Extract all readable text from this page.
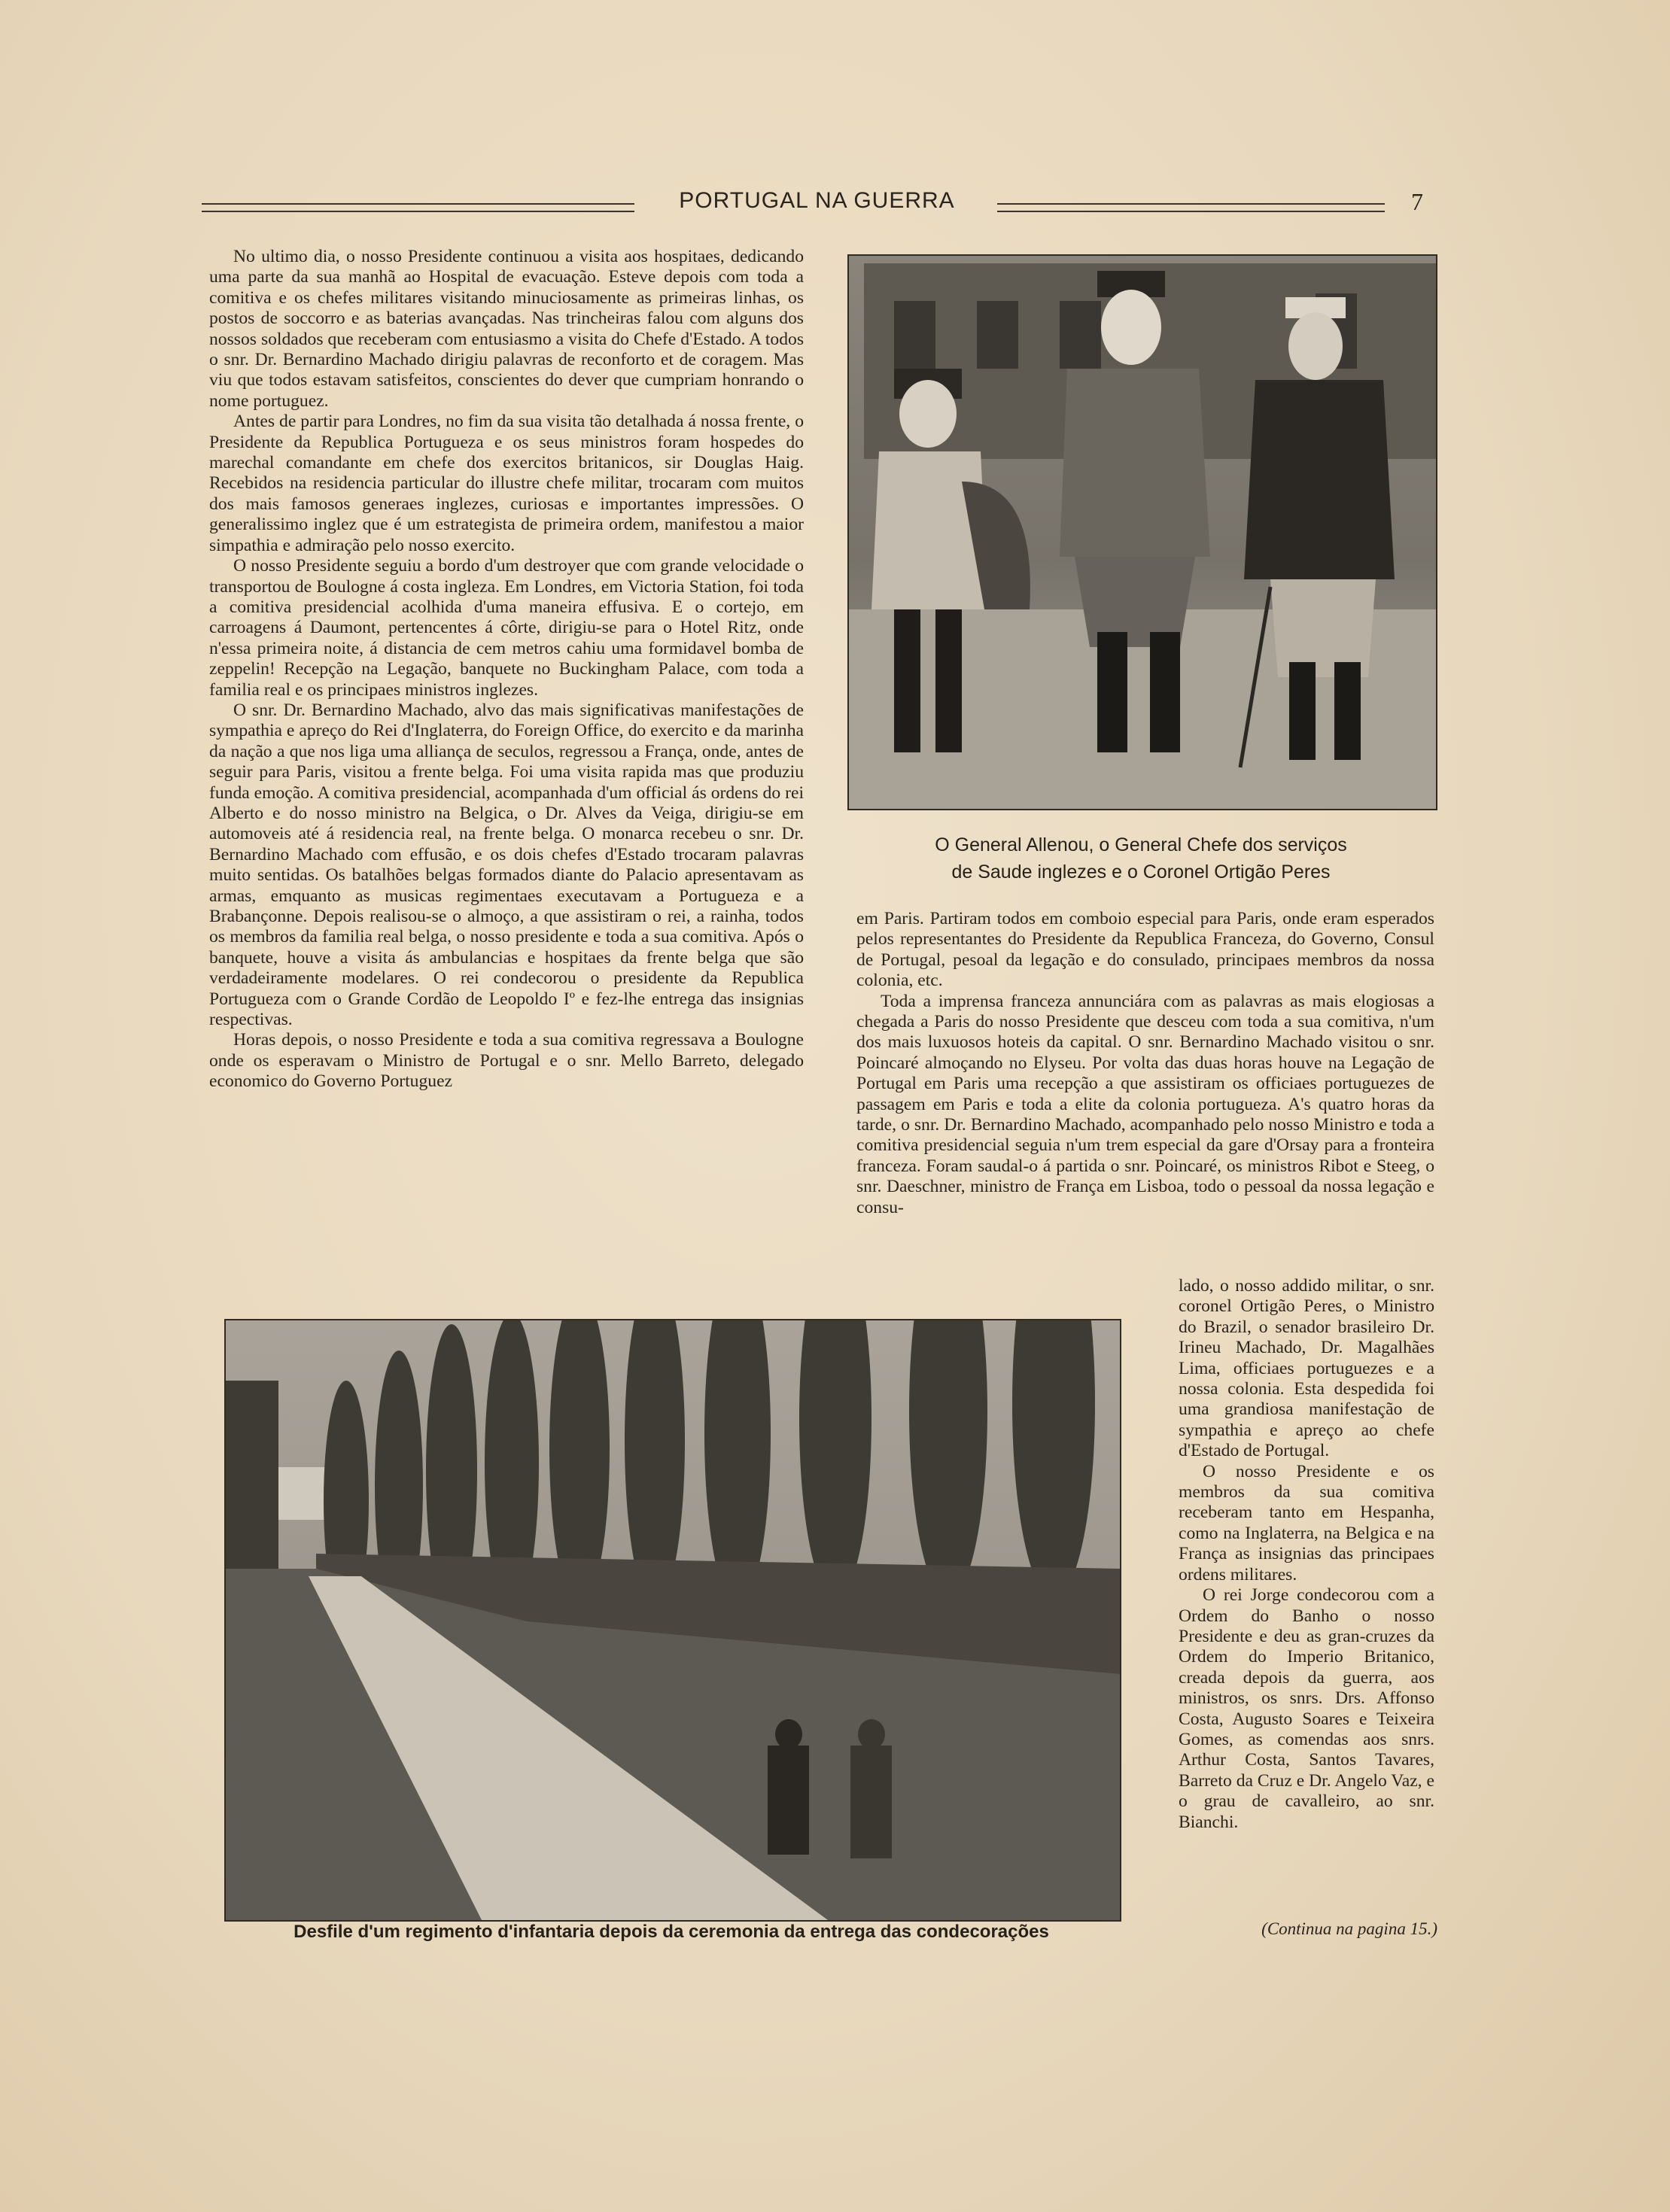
PORTUGAL NA GUERRA	7

No ultimo dia, o nosso Presidente continuou a visita aos hospitaes, dedicando uma parte da sua manhã ao Hospital de evacuação. Esteve depois com toda a comitiva e os chefes militares visitando minuciosamente as primeiras linhas, os postos de soccorro e as baterias avançadas. Nas trincheiras falou com alguns dos nossos soldados que receberam com entusiasmo a visita do Chefe d'Estado. A todos o snr. Dr. Bernardino Machado dirigiu palavras de reconforto et de coragem. Mas viu que todos estavam satisfeitos, conscientes do dever que cumpriam honrando o nome portuguez.

Antes de partir para Londres, no fim da sua visita tão detalhada á nossa frente, o Presidente da Republica Portugueza e os seus ministros foram hospedes do marechal comandante em chefe dos exercitos britanicos, sir Douglas Haig. Recebidos na residencia particular do illustre chefe militar, trocaram com muitos dos mais famosos generaes inglezes, curiosas e importantes impressões. O generalissimo inglez que é um estrategista de primeira ordem, manifestou a maior simpathia e admiração pelo nosso exercito.

O nosso Presidente seguiu a bordo d'um destroyer que com grande velocidade o transportou de Boulogne á costa ingleza. Em Londres, em Victoria Station, foi toda a comitiva presidencial acolhida d'uma maneira effusiva. E o cortejo, em carroagens á Daumont, pertencentes á côrte, dirigiu-se para o Hotel Ritz, onde n'essa primeira noite, á distancia de cem metros cahiu uma formidavel bomba de zeppelin! Recepção na Legação, banquete no Buckingham Palace, com toda a familia real e os principaes ministros inglezes.

O snr. Dr. Bernardino Machado, alvo das mais significativas manifestações de sympathia e apreço do Rei d'Inglaterra, do Foreign Office, do exercito e da marinha da nação a que nos liga uma alliança de seculos, regressou a França, onde, antes de seguir para Paris, visitou a frente belga. Foi uma visita rapida mas que produziu funda emoção. A comitiva presidencial, acompanhada d'um official ás ordens do rei Alberto e do nosso ministro na Belgica, o Dr. Alves da Veiga, dirigiu-se em automoveis até á residencia real, na frente belga. O monarca recebeu o snr. Dr. Bernardino Machado com effusão, e os dois chefes d'Estado trocaram palavras muito sentidas. Os batalhões belgas formados diante do Palacio apresentavam as armas, emquanto as musicas regimentaes executavam a Portugueza e a Brabançonne. Depois realisou-se o almoço, a que assistiram o rei, a rainha, todos os membros da familia real belga, o nosso presidente e toda a sua comitiva. Após o banquete, houve a visita ás ambulancias e hospitaes da frente belga que são verdadeiramente modelares. O rei condecorou o presidente da Republica Portugueza com o Grande Cordão de Leopoldo Iº e fez-lhe entrega das insignias respectivas.

Horas depois, o nosso Presidente e toda a sua comitiva regressava a Boulogne onde os esperavam o Ministro de Portugal e o snr. Mello Barreto, delegado economico do Governo Portuguez

O General Allenou, o General Chefe dos serviços
de Saude inglezes e o Coronel Ortigão Peres

em Paris. Partiram todos em comboio especial para Paris, onde eram esperados pelos representantes do Presidente da Republica Franceza, do Governo, Consul de Portugal, pesoal da legação e do consulado, principaes membros da nossa colonia, etc.

Toda a imprensa franceza annunciára com as palavras as mais elogiosas a chegada a Paris do nosso Presidente que desceu com toda a sua comitiva, n'um dos mais luxuosos hoteis da capital. O snr. Bernardino Machado visitou o snr. Poincaré almoçando no Elyseu. Por volta das duas horas houve na Legação de Portugal em Paris uma recepção a que assistiram os officiaes portuguezes de passagem em Paris e toda a elite da colonia portugueza. A's quatro horas da tarde, o snr. Dr. Bernardino Machado, acompanhado pelo nosso Ministro e toda a comitiva presidencial seguia n'um trem especial da gare d'Orsay para a fronteira franceza. Foram saudal-o á partida o snr. Poincaré, os ministros Ribot e Steeg, o snr. Daeschner, ministro de França em Lisboa, todo o pessoal da nossa legação e consu-

lado, o nosso addido militar, o snr. coronel Ortigão Peres, o Ministro do Brazil, o senador brasileiro Dr. Irineu Machado, Dr. Magalhães Lima, officiaes portuguezes e a nossa colonia. Esta despedida foi uma grandiosa manifestação de sympathia e apreço ao chefe d'Estado de Portugal.

O nosso Presidente e os membros da sua comitiva receberam tanto em Hespanha, como na Inglaterra, na Belgica e na França as insignias das principaes ordens militares.

O rei Jorge condecorou com a Ordem do Banho o nosso Presidente e deu as gran-cruzes da Ordem do Imperio Britanico, creada depois da guerra, aos ministros, os snrs. Drs. Affonso Costa, Augusto Soares e Teixeira Gomes, as comendas aos snrs. Arthur Costa, Santos Tavares, Barreto da Cruz e Dr. Angelo Vaz, e o grau de cavalleiro, ao snr. Bianchi.

Desfile d'um regimento d'infantaria depois da ceremonia da entrega das condecorações	(Continua na pagina 15.)
